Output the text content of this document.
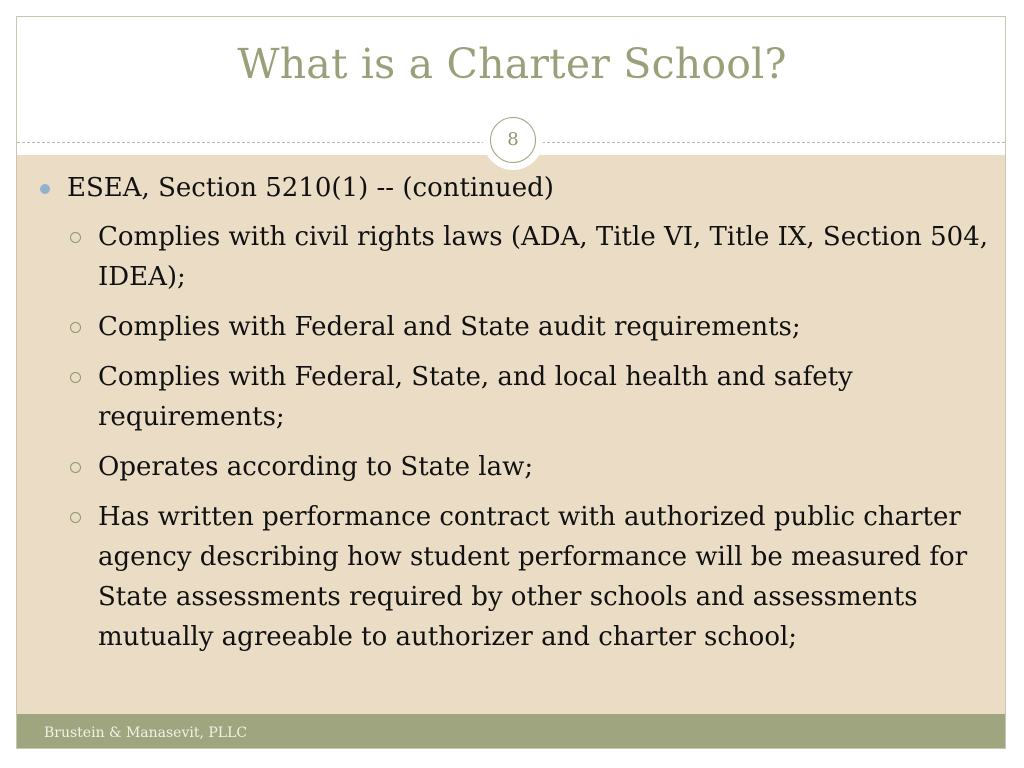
What is a Charter School?
8
ESEA, Section 5210(1) -- (continued)
Complies with civil rights laws (ADA, Title VI, Title IX, Section 504, IDEA);
Complies with Federal and State audit requirements;
Complies with Federal, State, and local health and safety requirements;
Operates according to State law;
Has written performance contract with authorized public charter agency describing how student performance will be measured for State assessments required by other schools and assessments mutually agreeable to authorizer and charter school;
Brustein & Manasevit, PLLC
